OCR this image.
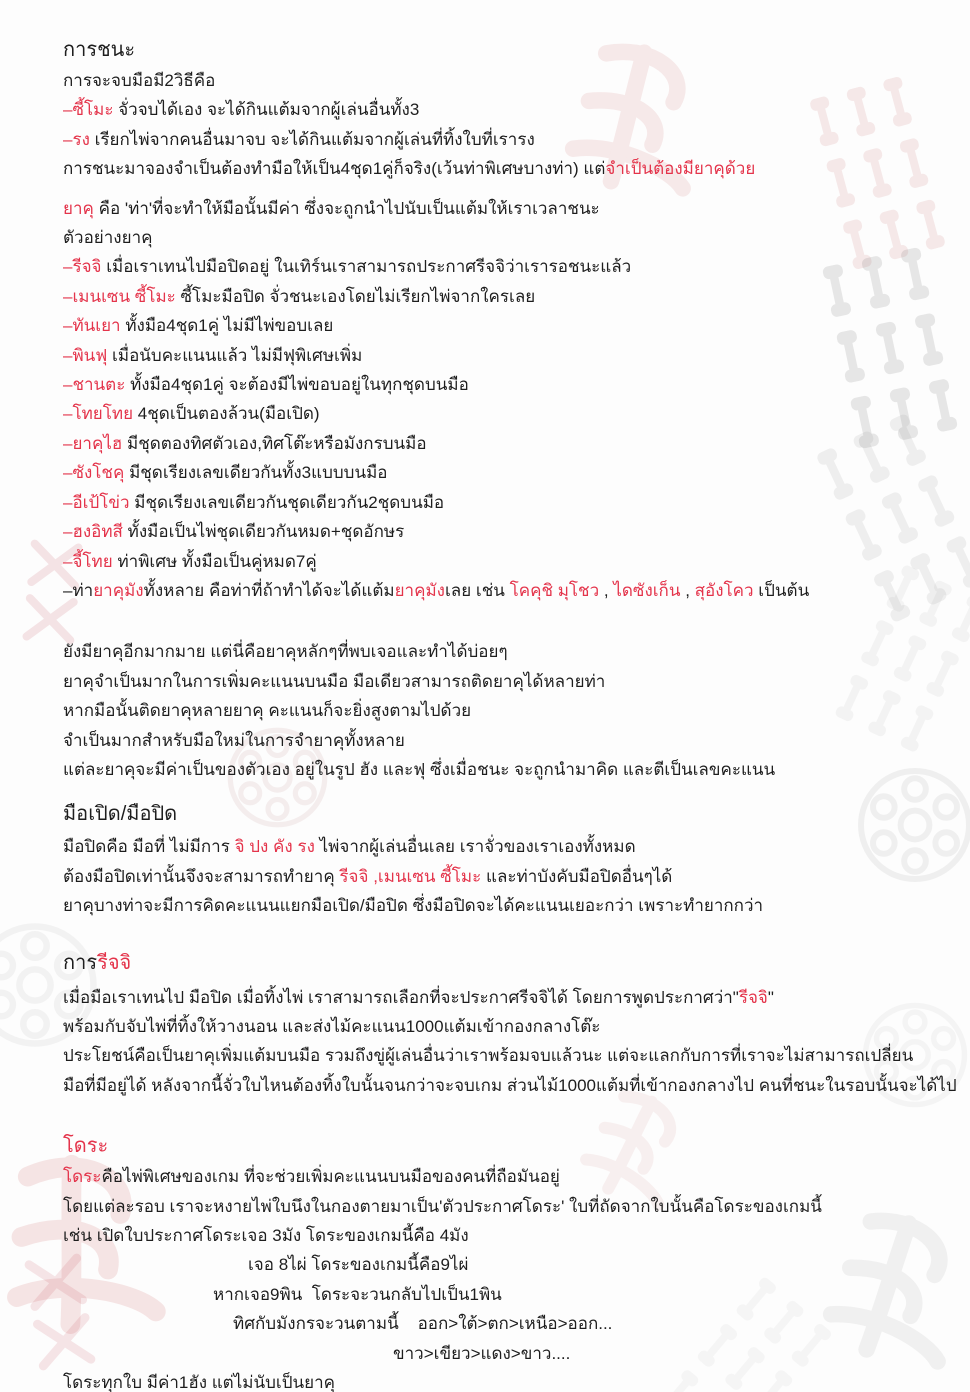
การชนะ
การจะจบมือมี2วิธีคือ
–ซี้โมะ จั่วจบได้เอง จะได้กินแต้มจากผู้เล่นอื่นทั้ง3
–รง เรียกไพ่จากคนอื่นมาจบ จะได้กินแต้มจากผู้เล่นที่ทิ้งใบที่เรารง
การชนะมาจองจำเป็นต้องทำมือให้เป็น4ชุด1คู่ก็จริง(เว้นท่าพิเศษบางท่า) แต่จำเป็นต้องมียาคุด้วย
ยาคุ คือ 'ท่า'ที่จะทำให้มือนั้นมีค่า ซึ่งจะถูกนำไปนับเป็นแต้มให้เราเวลาชนะ
ตัวอย่างยาคุ
–รีจจิ เมื่อเราเทนไปมือปิดอยู่ ในเทิร์นเราสามารถประกาศรีจจิว่าเรารอชนะแล้ว
–เมนเซน ซี้โมะ ซี้โมะมือปิด จั่วชนะเองโดยไม่เรียกไพ่จากใครเลย
–ทันเยา ทั้งมือ4ชุด1คู่ ไม่มีไพ่ขอบเลย
–พินฟุ เมื่อนับคะแนนแล้ว ไม่มีฟุพิเศษเพิ่ม
–ชานตะ ทั้งมือ4ชุด1คู่ จะต้องมีไพ่ขอบอยู่ในทุกชุดบนมือ
–โทยโทย 4ชุดเป็นตองล้วน(มือเปิด)
–ยาคุไฮ มีชุดตองทิศตัวเอง,ทิศโต๊ะหรือมังกรบนมือ
–ซังโชคุ มีชุดเรียงเลขเดียวกันทั้ง3แบบบนมือ
–อีเป้โข่ว มีชุดเรียงเลขเดียวกันชุดเดียวกัน2ชุดบนมือ
–ฮงอิทสี ทั้งมือเป็นไพ่ชุดเดียวกันหมด+ชุดอักษร
–จี้โทย ท่าพิเศษ ทั้งมือเป็นคู่หมด7คู่
–ท่ายาคุมังทั้งหลาย คือท่าที่ถ้าทำได้จะได้แต้มยาคุมังเลย เช่น โคคุชิ มุโชว , ไดซังเก็น , สุอังโคว เป็นต้น
ยังมียาคุอีกมากมาย แต่นี่คือยาคุหลักๆที่พบเจอและทำได้บ่อยๆ
ยาคุจำเป็นมากในการเพิ่มคะแนนบนมือ มือเดียวสามารถติดยาคุได้หลายท่า
หากมือนั้นติดยาคุหลายยาคุ คะแนนก็จะยิ่งสูงตามไปด้วย
จำเป็นมากสำหรับมือใหม่ในการจำยาคุทั้งหลาย
แต่ละยาคุจะมีค่าเป็นของตัวเอง อยู่ในรูป ฮัง และฟุ ซึ่งเมื่อชนะ จะถูกนำมาคิด และตีเป็นเลขคะแนน
มือเปิด/มือปิด
มือปิดคือ มือที่ ไม่มีการ จิ ปง คัง รง ไพ่จากผู้เล่นอื่นเลย เราจั่วของเราเองทั้งหมด
ต้องมือปิดเท่านั้นจึงจะสามารถทำยาคุ รีจจิ ,เมนเซน ซี้โมะ และท่าบังคับมือปิดอื่นๆได้
ยาคุบางท่าจะมีการคิดคะแนนแยกมือเปิด/มือปิด ซึ่งมือปิดจะได้คะแนนเยอะกว่า เพราะทำยากกว่า
การรีจจิ
เมื่อมือเราเทนไป มือปิด เมื่อทิ้งไพ่ เราสามารถเลือกที่จะประกาศรีจจิได้ โดยการพูดประกาศว่า"รีจจิ"
พร้อมกับจับไพ่ที่ทิ้งให้วางนอน และส่งไม้คะแนน1000แต้มเข้ากองกลางโต๊ะ
ประโยชน์คือเป็นยาคุเพิ่มแต้มบนมือ รวมถึงขู่ผู้เล่นอื่นว่าเราพร้อมจบแล้วนะ แต่จะแลกกับการที่เราจะไม่สามารถเปลี่ยน
มือที่มีอยู่ได้ หลังจากนี้จั่วใบไหนต้องทิ้งใบนั้นจนกว่าจะจบเกม ส่วนไม้1000แต้มที่เข้ากองกลางไป คนที่ชนะในรอบนั้นจะได้ไป
โดระ
โดระคือไพ่พิเศษของเกม ที่จะช่วยเพิ่มคะแนนบนมือของคนที่ถือมันอยู่
โดยแต่ละรอบ เราจะหงายไพ่ใบนึงในกองตายมาเป็น'ตัวประกาศโดระ' ใบที่ถัดจากใบนั้นคือโดระของเกมนี้
เช่น เปิดใบประกาศโดระเจอ 3มัง โดระของเกมนี้คือ 4มัง
เจอ 8ไผ่ โดระของเกมนี้คือ9ไผ่
หากเจอ9พิน  โดระจะวนกลับไปเป็น1พิน
ทิศกับมังกรจะวนตามนี้    ออก>ใต้>ตก>เหนือ>ออก...
ขาว>เขียว>แดง>ขาว....
โดระทุกใบ มีค่า1ฮัง แต่ไม่นับเป็นยาคุ
